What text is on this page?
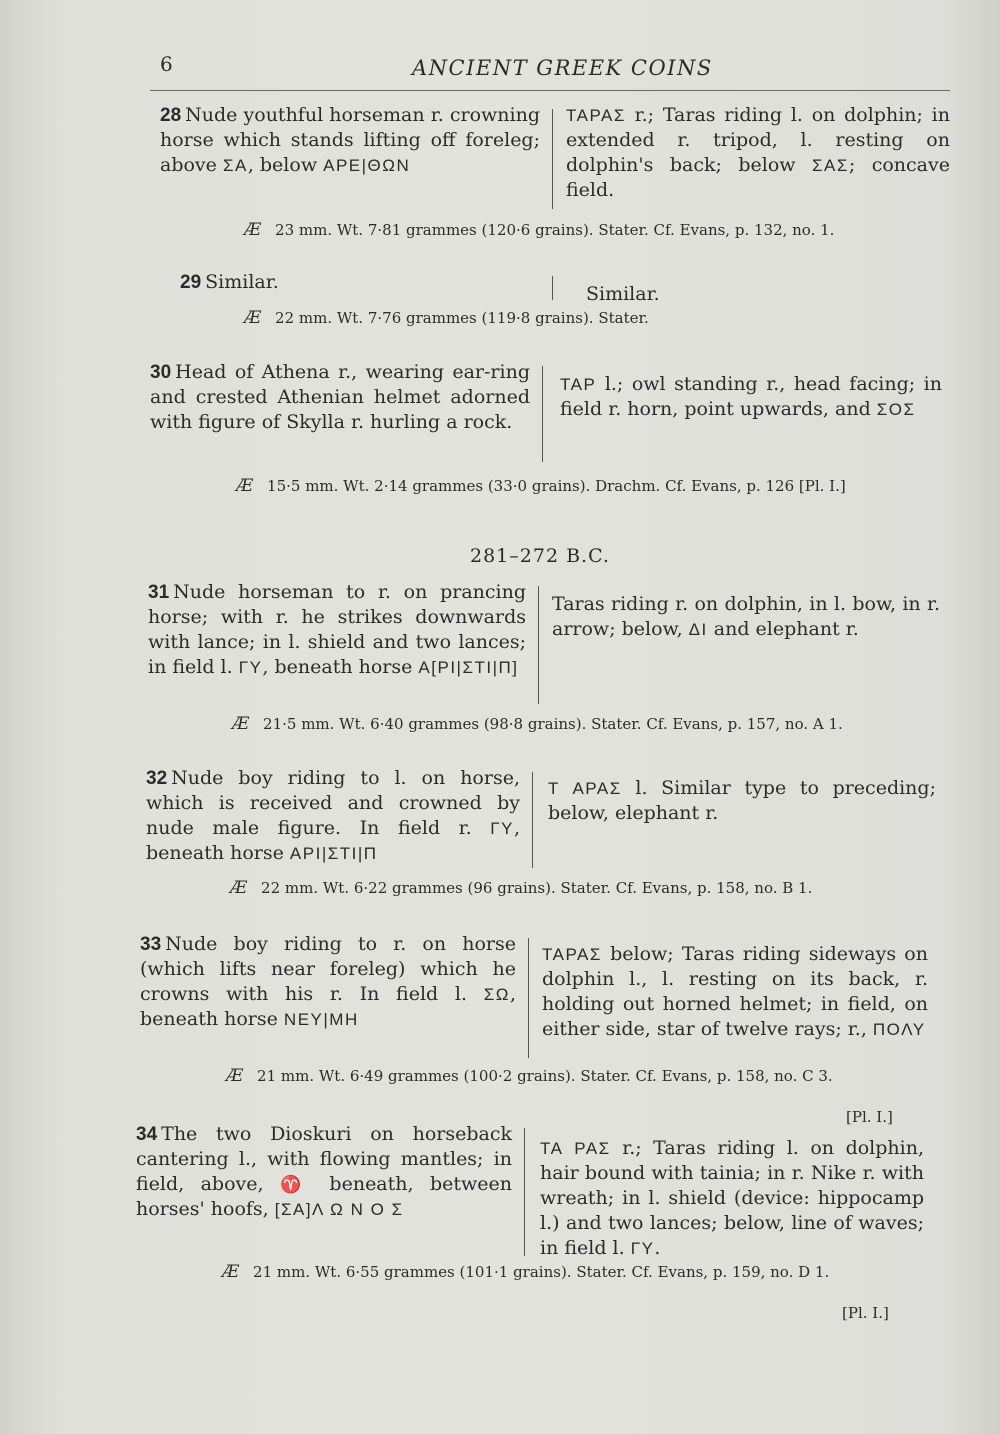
6	ANCIENT GREEK COINS
28 Nude youthful horseman r. crowning horse which stands lifting off foreleg; above ΣΑ, below ΑΡΕ|ΘΩΝ
ΤΑΡΑΣ r.; Taras riding l. on dolphin; in extended r. tripod, l. resting on dolphin's back; below ΣΑΣ; concave field.
Æ 23 mm. Wt. 7·81 grammes (120·6 grains). Stater. Cf. Evans, p. 132, no. 1.
29 Similar.
Similar.
Æ 22 mm. Wt. 7·76 grammes (119·8 grains). Stater.
30 Head of Athena r., wearing ear-ring and crested Athenian helmet adorned with figure of Skylla r. hurling a rock.
ΤΑΡ l.; owl standing r., head facing; in field r. horn, point upwards, and ΣΟΣ
Æ 15·5 mm. Wt. 2·14 grammes (33·0 grains). Drachm. Cf. Evans, p. 126 [Pl. I.]
281–272 B.C.
31 Nude horseman to r. on prancing horse; with r. he strikes downwards with lance; in l. shield and two lances; in field l. ΓΥ, beneath horse Α[ΡΙ|ΣΤΙ|Π]
Taras riding r. on dolphin, in l. bow, in r. arrow; below, ΔΙ and elephant r.
Æ 21·5 mm. Wt. 6·40 grammes (98·8 grains). Stater. Cf. Evans, p. 157, no. A 1.
32 Nude boy riding to l. on horse, which is received and crowned by nude male figure. In field r. ΓΥ, beneath horse ΑΡΙ|ΣΤΙ|Π
Τ ΑΡΑΣ l. Similar type to preceding; below, elephant r.
Æ 22 mm. Wt. 6·22 grammes (96 grains). Stater. Cf. Evans, p. 158, no. B 1.
33 Nude boy riding to r. on horse (which lifts near foreleg) which he crowns with his r. In field l. ΣΩ, beneath horse ΝΕΥ|ΜΗ
ΤΑΡΑΣ below; Taras riding sideways on dolphin l., l. resting on its back, r. holding out horned helmet; in field, on either side, star of twelve rays; r., ΠΟΛΥ
Æ 21 mm. Wt. 6·49 grammes (100·2 grains). Stater. Cf. Evans, p. 158, no. C 3.
[Pl. I.]
34 The two Dioskuri on horseback cantering l., with flowing mantles; in field, above, ♈ beneath, between horses' hoofs, [ΣΑ]Λ Ω Ν Ο Σ
ΤΑ ΡΑΣ r.; Taras riding l. on dolphin, hair bound with tainia; in r. Nike r. with wreath; in l. shield (device: hippocamp l.) and two lances; below, line of waves; in field l. ΓΥ.
Æ 21 mm. Wt. 6·55 grammes (101·1 grains). Stater. Cf. Evans, p. 159, no. D 1.
[Pl. I.]
